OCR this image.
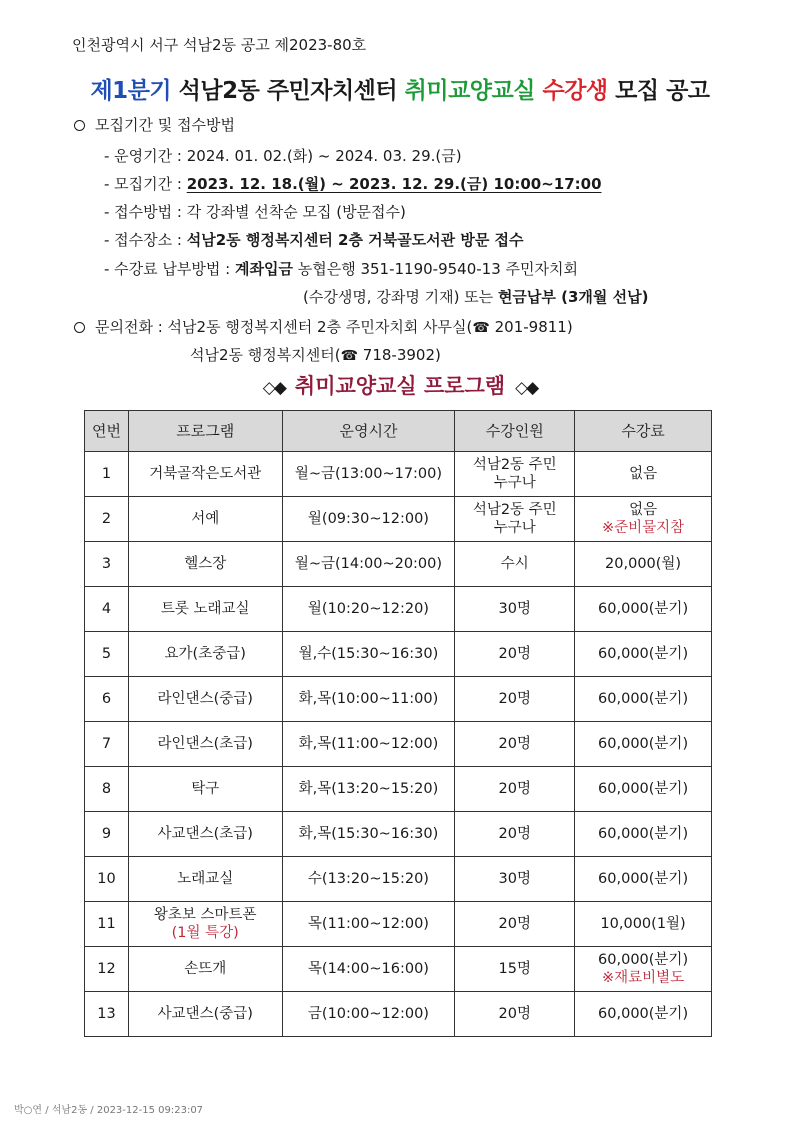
인천광역시 서구 석남2동 공고 제2023-80호
제1분기 석남2동 주민자치센터 취미교양교실 수강생 모집 공고
모집기간 및 접수방법
- 운영기간 : 2024. 01. 02.(화) ~ 2024. 03. 29.(금)
- 모집기간 : 2023. 12. 18.(월) ~ 2023. 12. 29.(금) 10:00~17:00
- 접수방법 : 각 강좌별 선착순 모집 (방문접수)
- 접수장소 : 석남2동 행정복지센터 2층 거북골도서관 방문 접수
- 수강료 납부방법 : 계좌입금 농협은행 351-1190-9540-13 주민자치회
(수강생명, 강좌명 기재) 또는 현금납부 (3개월 선납)
문의전화 : 석남2동 행정복지센터 2층 주민자치회 사무실(☎ 201-9811)
석남2동 행정복지센터(☎ 718-3902)
◇◆ 취미교양교실 프로그램 ◇◆
연번	프로그램	운영시간	수강인원	수강료

1	거북골작은도서관	월~금(13:00~17:00)	석남2동 주민 누구나	없음

2	서예	월(09:30~12:00)	석남2동 주민 누구나	없음
※준비물지참

3	헬스장	월~금(14:00~20:00)	수시	20,000(월)

4	트롯 노래교실	월(10:20~12:20)	30명	60,000(분기)

5	요가(초중급)	월,수(15:30~16:30)	20명	60,000(분기)

6	라인댄스(중급)	화,목(10:00~11:00)	20명	60,000(분기)

7	라인댄스(초급)	화,목(11:00~12:00)	20명	60,000(분기)

8	탁구	화,목(13:20~15:20)	20명	60,000(분기)

9	사교댄스(초급)	화,목(15:30~16:30)	20명	60,000(분기)

10	노래교실	수(13:20~15:20)	30명	60,000(분기)

11	왕초보 스마트폰
(1월 특강)	목(11:00~12:00)	20명	10,000(1월)

12	손뜨개	목(14:00~16:00)	15명	60,000(분기)
※재료비별도

13	사교댄스(중급)	금(10:00~12:00)	20명	60,000(분기)
박○연 / 석남2동 / 2023-12-15 09:23:07
